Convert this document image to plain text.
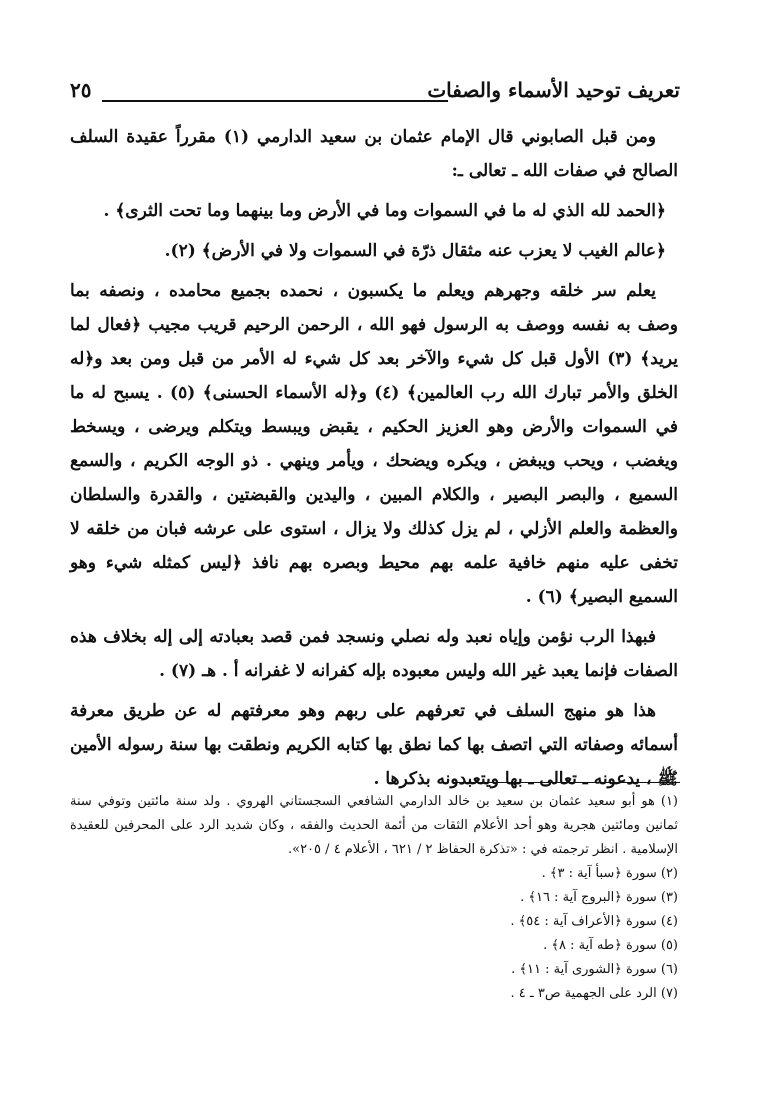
تعريف توحيد الأسماء والصفات
٢٥

ومن قبل الصابوني قال الإمام عثمان بن سعيد الدارمي (١) مقرراً عقيدة السلف الصالح في صفات الله ـ تعالى ـ:

﴿الحمد لله الذي له ما في السموات وما في الأرض وما بينهما وما تحت الثرى﴾ .

﴿عالم الغيب لا يعزب عنه مثقال ذرّة في السموات ولا في الأرض﴾ (٢).

يعلم سر خلقه وجهرهم ويعلم ما يكسبون ، نحمده بجميع محامده ، ونصفه بما وصف به نفسه ووصف به الرسول فهو الله ، الرحمن الرحيم قريب مجيب ﴿فعال لما يريد﴾ (٣) الأول قبل كل شيء والآخر بعد كل شيء له الأمر من قبل ومن بعد و﴿له الخلق والأمر تبارك الله رب العالمين﴾ (٤) و﴿له الأسماء الحسنى﴾ (٥) . يسبح له ما في السموات والأرض وهو العزيز الحكيم ، يقبض ويبسط ويتكلم ويرضى ، ويسخط ويغضب ، ويحب ويبغض ، ويكره ويضحك ، ويأمر وينهي . ذو الوجه الكريم ، والسمع السميع ، والبصر البصير ، والكلام المبين ، واليدين والقبضتين ، والقدرة والسلطان والعظمة والعلم الأزلي ، لم يزل كذلك ولا يزال ، استوى على عرشه فبان من خلقه لا تخفى عليه منهم خافية علمه بهم محيط وبصره بهم نافذ ﴿ليس كمثله شيء وهو السميع البصير﴾ (٦) .

فبهذا الرب نؤمن وإياه نعبد وله نصلي ونسجد فمن قصد بعبادته إلى إله بخلاف هذه الصفات فإنما يعبد غير الله وليس معبوده بإله كفرانه لا غفرانه أ . هـ (٧) .

هذا هو منهج السلف في تعرفهم على ربهم وهو معرفتهم له عن طريق معرفة أسمائه وصفاته التي اتصف بها كما نطق بها كتابه الكريم ونطقت بها سنة رسوله الأمين ﷺ ، يدعونه ـ تعالى ـ بها ويتعبدونه بذكرها .

(١) هو أبو سعيد عثمان بن سعيد بن خالد الدارمي الشافعي السجستاني الهروي . ولد سنة مائتين وتوفي سنة ثمانين ومائتين هجرية وهو أحد الأعلام الثقات من أئمة الحديث والفقه ، وكان شديد الرد على المحرفين للعقيدة الإسلامية . انظر ترجمته في : «تذكرة الحفاظ ٢ / ٦٢١ ، الأعلام ٤ / ٢٠٥».
(٢) سورة ﴿سبأ آية : ٣﴾ .
(٣) سورة ﴿البروج آية : ١٦﴾ .
(٤) سورة ﴿الأعراف آية : ٥٤﴾ .
(٥) سورة ﴿طه آية : ٨﴾ .
(٦) سورة ﴿الشورى آية : ١١﴾ .
(٧) الرد على الجهمية ص٣ ـ ٤ .
